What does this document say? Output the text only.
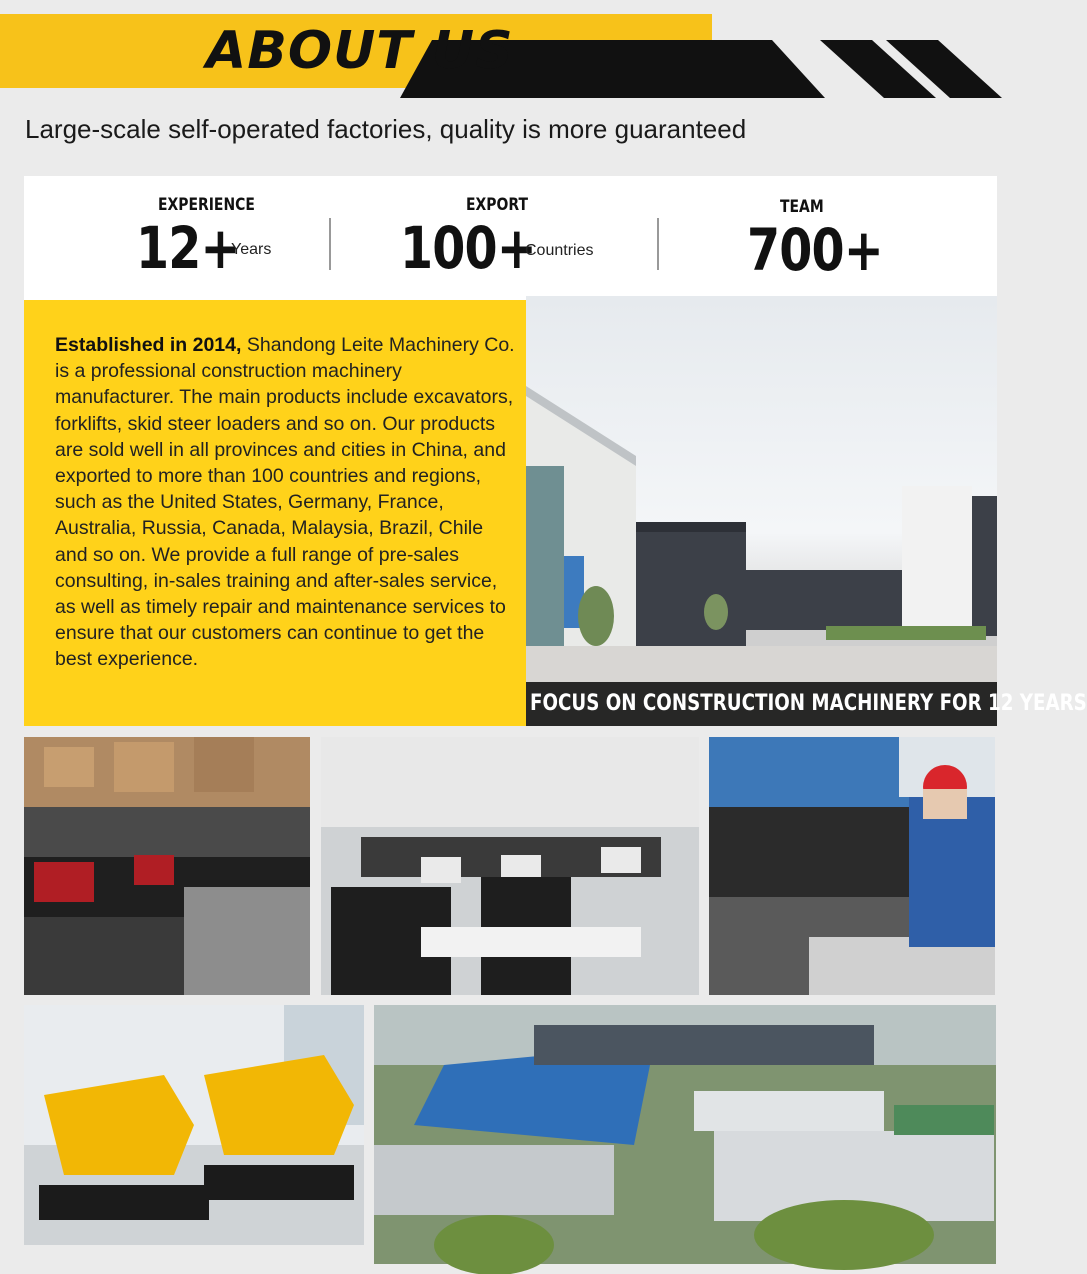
ABOUT US
Large-scale self-operated factories, quality is more guaranteed
EXPERIENCE
12+
Years
EXPORT
100+
Countries
TEAM
700+
Established in 2014, Shandong Leite Machinery Co. is a professional construction machinery manufacturer. The main products include excavators, forklifts, skid steer loaders and so on. Our products are sold well in all provinces and cities in China, and exported to more than 100 countries and regions, such as the United States, Germany, France, Australia, Russia, Canada, Malaysia, Brazil, Chile and so on. We provide a full range of pre-sales consulting, in-sales training and after-sales service, as well as timely repair and maintenance services to ensure that our customers can continue to get the best experience.
FOCUS ON CONSTRUCTION MACHINERY FOR 12 YEARS
